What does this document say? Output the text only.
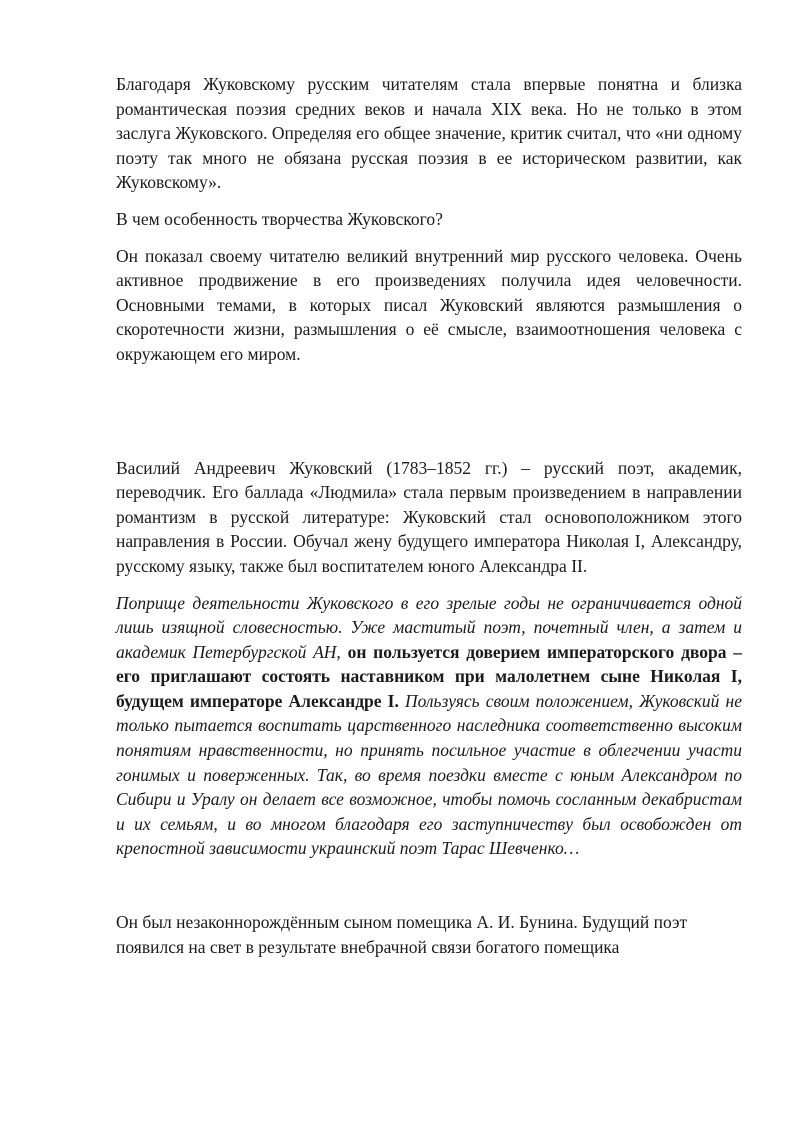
Благодаря Жуковскому русским читателям стала впервые понятна и близка романтическая поэзия средних веков и начала XIX века. Но не только в этом заслуга Жуковского. Определяя его общее значение, критик считал, что «ни одному поэту так много не обязана русская поэзия в ее историческом развитии, как Жуковскому».

В чем особенность творчества Жуковского?

Он показал своему читателю великий внутренний мир русского человека. Очень активное продвижение в его произведениях получила идея человечности. Основными темами, в которых писал Жуковский являются размышления о скоротечности жизни, размышления о её смысле, взаимоотношения человека с окружающем его миром.

Василий Андреевич Жуковский (1783–1852 гг.) – русский поэт, академик, переводчик. Его баллада «Людмила» стала первым произведением в направлении романтизм в русской литературе: Жуковский стал основоположником этого направления в России. Обучал жену будущего императора Николая I, Александру, русскому языку, также был воспитателем юного Александра II.

Поприще деятельности Жуковского в его зрелые годы не ограничивается одной лишь изящной словесностью. Уже маститый поэт, почетный член, а затем и академик Петербургской АН, он пользуется доверием императорского двора – его приглашают состоять наставником при малолетнем сыне Николая I, будущем императоре Александре I. Пользуясь своим положением, Жуковский не только пытается воспитать царственного наследника соответственно высоким понятиям нравственности, но принять посильное участие в облегчении участи гонимых и поверженных. Так, во время поездки вместе с юным Александром по Сибири и Уралу он делает все возможное, чтобы помочь сосланным декабристам и их семьям, и во многом благодаря его заступничеству был освобожден от крепостной зависимости украинский поэт Тарас Шевченко…

Он был незаконнорождённым сыном помещика А. И. Бунина. Будущий поэт
появился на свет в результате внебрачной связи богатого помещика
